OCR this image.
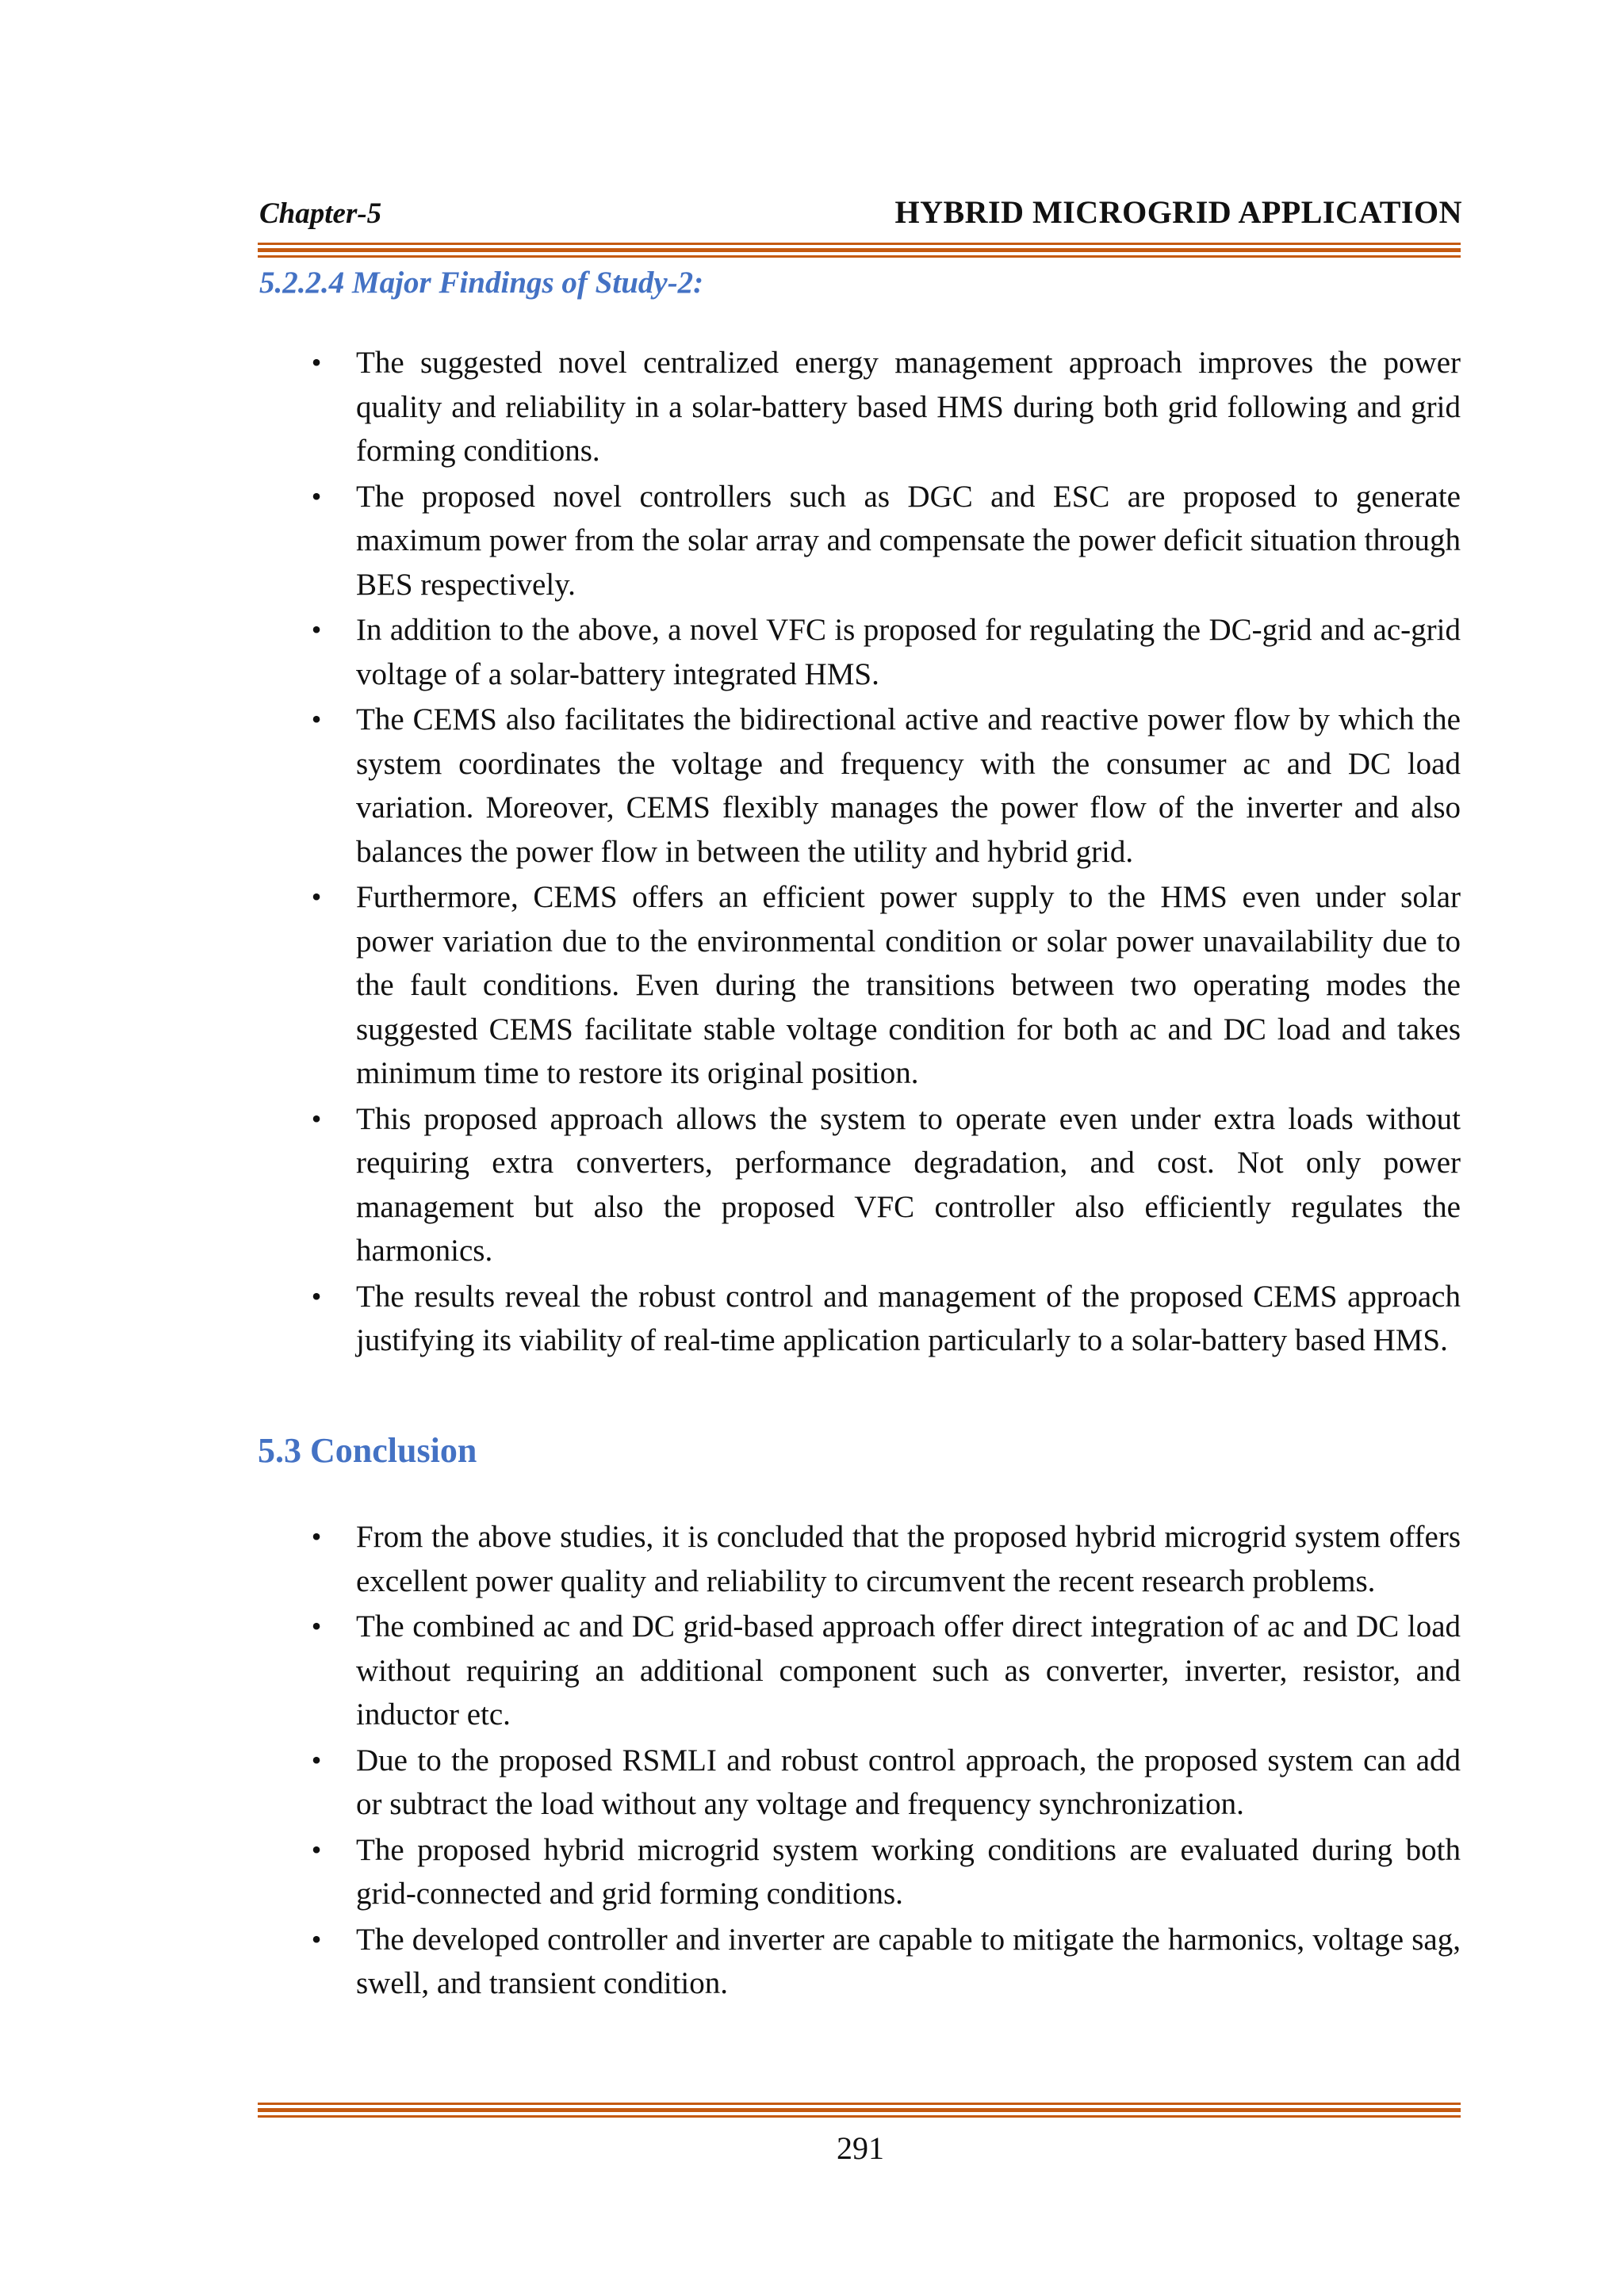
Chapter-5	HYBRID MICROGRID APPLICATION
5.2.2.4 Major Findings of Study-2:
• The suggested novel centralized energy management approach improves the power quality and reliability in a solar-battery based HMS during both grid following and grid forming conditions.
• The proposed novel controllers such as DGC and ESC are proposed to generate maximum power from the solar array and compensate the power deficit situation through BES respectively.
• In addition to the above, a novel VFC is proposed for regulating the DC-grid and ac-grid voltage of a solar-battery integrated HMS.
• The CEMS also facilitates the bidirectional active and reactive power flow by which the system coordinates the voltage and frequency with the consumer ac and DC load variation. Moreover, CEMS flexibly manages the power flow of the inverter and also balances the power flow in between the utility and hybrid grid.
• Furthermore, CEMS offers an efficient power supply to the HMS even under solar power variation due to the environmental condition or solar power unavailability due to the fault conditions. Even during the transitions between two operating modes the suggested CEMS facilitate stable voltage condition for both ac and DC load and takes minimum time to restore its original position.
• This proposed approach allows the system to operate even under extra loads without requiring extra converters, performance degradation, and cost. Not only power management but also the proposed VFC controller also efficiently regulates the harmonics.
• The results reveal the robust control and management of the proposed CEMS approach justifying its viability of real-time application particularly to a solar-battery based HMS.
5.3 Conclusion
• From the above studies, it is concluded that the proposed hybrid microgrid system offers excellent power quality and reliability to circumvent the recent research problems.
• The combined ac and DC grid-based approach offer direct integration of ac and DC load without requiring an additional component such as converter, inverter, resistor, and inductor etc.
• Due to the proposed RSMLI and robust control approach, the proposed system can add or subtract the load without any voltage and frequency synchronization.
• The proposed hybrid microgrid system working conditions are evaluated during both grid-connected and grid forming conditions.
• The developed controller and inverter are capable to mitigate the harmonics, voltage sag, swell, and transient condition.
291
